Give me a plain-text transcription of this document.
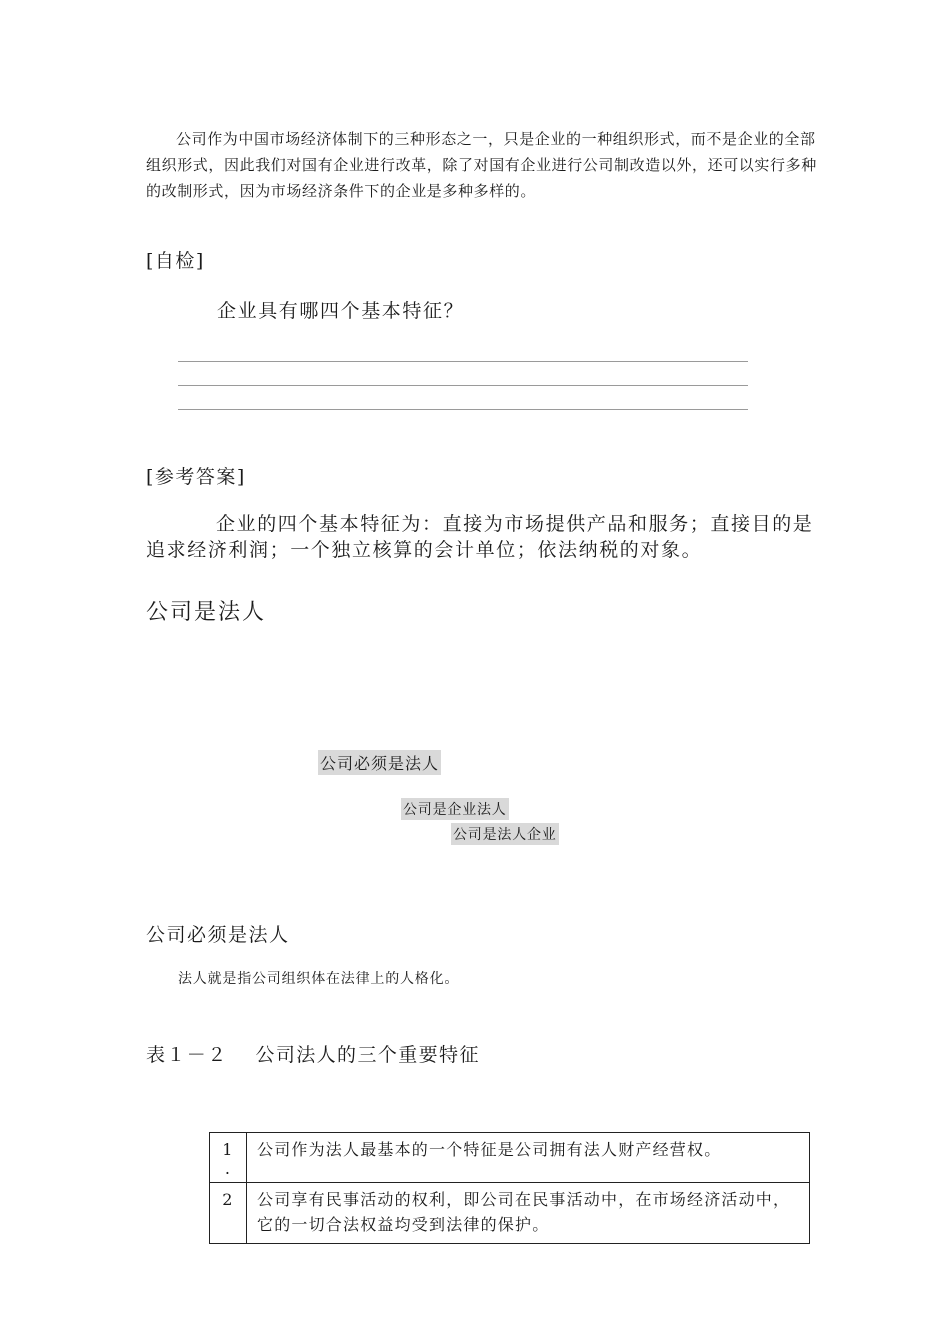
公司作为中国市场经济体制下的三种形态之一，只是企业的一种组织形式，而不是企业的全部组织形式，因此我们对国有企业进行改革，除了对国有企业进行公司制改造以外，还可以实行多种的改制形式，因为市场经济条件下的企业是多种多样的。

[自检]
企业具有哪四个基本特征？
[参考答案]

企业的四个基本特征为：直接为市场提供产品和服务；直接目的是追求经济利润；一个独立核算的会计单位；依法纳税的对象。

公司是法人
公司必须是法人
公司是企业法人
公司是法人企业
公司必须是法人
法人就是指公司组织体在法律上的人格化。
表１－２　 公司法人的三个重要特征
1
.	公司作为法人最基本的一个特征是公司拥有法人财产经营权。
2	公司享有民事活动的权利，即公司在民事活动中，在市场经济活动中，它的一切合法权益均受到法律的保护。
